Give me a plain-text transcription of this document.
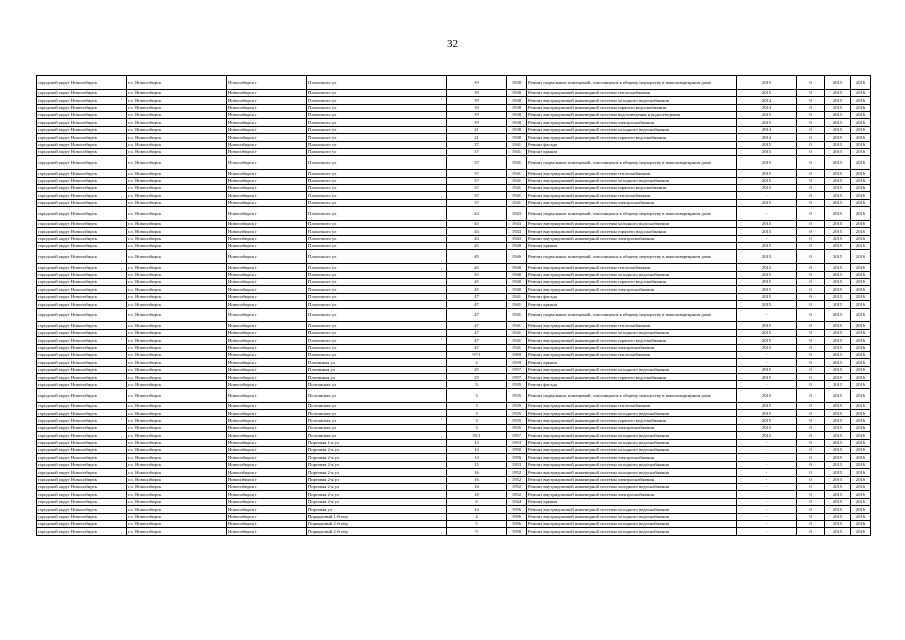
32
городской округ Новосибирск	г.о. Новосибирск	Новосибирск г	Плахотного ул	19	1938	Ремонт подвальных помещений, относящихся к общему имуществу в многоквартирном доме	2015	0	2015	2016
городской округ Новосибирск	г.о. Новосибирск	Новосибирск г	Плахотного ул	19	1938	Ремонт внутридомовой инженерной системы теплоснабжения	2015	0	2015	2016
городской округ Новосибирск	г.о. Новосибирск	Новосибирск г	Плахотного ул	19	1938	Ремонт внутридомовой инженерной системы холодного водоснабжения	2014	0	2015	2016
городской округ Новосибирск	г.о. Новосибирск	Новосибирск г	Плахотного ул	19	1938	Ремонт внутридомовой инженерной системы горячего водоснабжения	2014	0	2015	2016
городской округ Новосибирск	г.о. Новосибирск	Новосибирск г	Плахотного ул	19	1938	Ремонт внутридомовой инженерной системы водоотведения и водоотведения	2015	0	2015	2016
городской округ Новосибирск	г.о. Новосибирск	Новосибирск г	Плахотного ул	19	1938	Ремонт внутридомовой инженерной системы электроснабжения	2015	0	2015	2016
городской округ Новосибирск	г.о. Новосибирск	Новосибирск г	Плахотного ул	21	1938	Ремонт внутридомовой инженерной системы холодного водоснабжения	2014	0	2015	2016
городской округ Новосибирск	г.о. Новосибирск	Новосибирск г	Плахотного ул	21	1938	Ремонт внутридомовой инженерной системы горячего водоснабжения	2014	0	2015	2016
городской округ Новосибирск	г.о. Новосибирск	Новосибирск г	Плахотного ул	37	1941	Ремонт фасада	2015	0	2015	2016
городской округ Новосибирск	г.о. Новосибирск	Новосибирск г	Плахотного ул	37	1941	Ремонт крыши	2015	0	2015	2016
городской округ Новосибирск	г.о. Новосибирск	Новосибирск г	Плахотного ул	37	1941	Ремонт подвальных помещений, относящихся к общему имуществу в многоквартирном доме	2015	0	2015	2016
городской округ Новосибирск	г.о. Новосибирск	Новосибирск г	Плахотного ул	37	1941	Ремонт внутридомовой инженерной системы теплоснабжения	2015	0	2015	2016
городской округ Новосибирск	г.о. Новосибирск	Новосибирск г	Плахотного ул	37	1941	Ремонт внутридомовой инженерной системы холодного водоснабжения	2015	0	2015	2016
городской округ Новосибирск	г.о. Новосибирск	Новосибирск г	Плахотного ул	37	1941	Ремонт внутридомовой инженерной системы горячего водоснабжения	2015	0	2015	2016
городской округ Новосибирск	г.о. Новосибирск	Новосибирск г	Плахотного ул	37	1941	Ремонт внутридомовой инженерной системы теплоснабжения	-	0	2015	2016
городской округ Новосибирск	г.о. Новосибирск	Новосибирск г	Плахотного ул	37	1941	Ремонт внутридомовой инженерной системы электроснабжения	2015	0	2015	2016
городской округ Новосибирск	г.о. Новосибирск	Новосибирск г	Плахотного ул	43	1943	Ремонт подвальных помещений, относящихся к общему имуществу в многоквартирном доме	-	0	2015	2016
городской округ Новосибирск	г.о. Новосибирск	Новосибирск г	Плахотного ул	43	1943	Ремонт внутридомовой инженерной системы холодного водоснабжения	2015	0	2015	2016
городской округ Новосибирск	г.о. Новосибирск	Новосибирск г	Плахотного ул	43	1943	Ремонт внутридомовой инженерной системы горячего водоснабжения	2015	0	2015	2016
городской округ Новосибирск	г.о. Новосибирск	Новосибирск г	Плахотного ул	43	1943	Ремонт внутридомовой инженерной системы электроснабжения	-	0	2015	2016
городской округ Новосибирск	г.о. Новосибирск	Новосибирск г	Плахотного ул	45	1940	Ремонт крыши	2015	0	2015	2016
городской округ Новосибирск	г.о. Новосибирск	Новосибирск г	Плахотного ул	45	1940	Ремонт подвальных помещений, относящихся к общему имуществу в многоквартирном доме	2015	0	2015	2016
городской округ Новосибирск	г.о. Новосибирск	Новосибирск г	Плахотного ул	45	1940	Ремонт внутридомовой инженерной системы теплоснабжения	2015	0	2015	2016
городской округ Новосибирск	г.о. Новосибирск	Новосибирск г	Плахотного ул	45	1940	Ремонт внутридомовой инженерной системы холодного водоснабжения	2015	0	2015	2016
городской округ Новосибирск	г.о. Новосибирск	Новосибирск г	Плахотного ул	45	1940	Ремонт внутридомовой инженерной системы горячего водоснабжения	2015	0	2015	2016
городской округ Новосибирск	г.о. Новосибирск	Новосибирск г	Плахотного ул	45	1940	Ремонт внутридомовой инженерной системы электроснабжения	2015	0	2015	2016
городской округ Новосибирск	г.о. Новосибирск	Новосибирск г	Плахотного ул	47	1941	Ремонт фасада	2015	0	2015	2016
городской округ Новосибирск	г.о. Новосибирск	Новосибирск г	Плахотного ул	47	1941	Ремонт крыши	2015	0	2015	2016
городской округ Новосибирск	г.о. Новосибирск	Новосибирск г	Плахотного ул	47	1941	Ремонт подвальных помещений, относящихся к общему имуществу в многоквартирном доме	-	0	2015	2016
городской округ Новосибирск	г.о. Новосибирск	Новосибирск г	Плахотного ул	47	1941	Ремонт внутридомовой инженерной системы теплоснабжения	2015	0	2015	2016
городской округ Новосибирск	г.о. Новосибирск	Новосибирск г	Плахотного ул	47	1941	Ремонт внутридомовой инженерной системы холодного водоснабжения	2015	0	2015	2016
городской округ Новосибирск	г.о. Новосибирск	Новосибирск г	Плахотного ул	47	1941	Ремонт внутридомовой инженерной системы горячего водоснабжения	2015	0	2015	2016
городской округ Новосибирск	г.о. Новосибирск	Новосибирск г	Плахотного ул	47	1941	Ремонт внутридомовой инженерной системы электроснабжения	2015	0	2015	2016
городской округ Новосибирск	г.о. Новосибирск	Новосибирск г	Плахотного ул	97/1	1969	Ремонт внутридомовой инженерной системы теплоснабжения	-	0	2015	2016
городской округ Новосибирск	г.о. Новосибирск	Новосибирск г	Плотинная ул	2	1959	Ремонт крыши	-	0	2015	2016
городской округ Новосибирск	г.о. Новосибирск	Новосибирск г	Плотинная ул	25	1957	Ремонт внутридомовой инженерной системы холодного водоснабжения	2015	0	2015	2016
городской округ Новосибирск	г.о. Новосибирск	Новосибирск г	Плотинная ул	25	1957	Ремонт внутридомовой инженерной системы горячего водоснабжения	2015	0	2015	2016
городской округ Новосибирск	г.о. Новосибирск	Новосибирск г	Полтавская ул	3	1935	Ремонт фасада	-	0	2015	2016
городской округ Новосибирск	г.о. Новосибирск	Новосибирск г	Полтавская ул	3	1935	Ремонт подвальных помещений, относящихся к общему имуществу в многоквартирном доме	2015	0	2015	2016
городской округ Новосибирск	г.о. Новосибирск	Новосибирск г	Полтавская ул	3	1935	Ремонт внутридомовой инженерной системы теплоснабжения	2015	0	2015	2016
городской округ Новосибирск	г.о. Новосибирск	Новосибирск г	Полтавская ул	3	1935	Ремонт внутридомовой инженерной системы холодного водоснабжения	2015	0	2015	2016
городской округ Новосибирск	г.о. Новосибирск	Новосибирск г	Полтавская ул	3	1935	Ремонт внутридомовой инженерной системы горячего водоснабжения	2015	0	2015	2016
городской округ Новосибирск	г.о. Новосибирск	Новосибирск г	Полтавская ул	3	1935	Ремонт внутридомовой инженерной системы электроснабжения	2015	0	2015	2016
городской округ Новосибирск	г.о. Новосибирск	Новосибирск г	Полтавская ул	35/1	1957	Ремонт внутридомовой инженерной системы холодного водоснабжения	2015	0	2015	2016
городской округ Новосибирск	г.о. Новосибирск	Новосибирск г	Портовая 1-я ул	14	1953	Ремонт внутридомовой инженерной системы холодного водоснабжения	-	0	2015	2016
городской округ Новосибирск	г.о. Новосибирск	Новосибирск г	Портовая 2-я ул	14	1950	Ремонт внутридомовой инженерной системы холодного водоснабжения	-	0	2015	2016
городской округ Новосибирск	г.о. Новосибирск	Новосибирск г	Портовая 2-я ул	14	1950	Ремонт внутридомовой инженерной системы электроснабжения	-	0	2015	2016
городской округ Новосибирск	г.о. Новосибирск	Новосибирск г	Портовая 2-я ул	15	1953	Ремонт внутридомовой инженерной системы холодного водоснабжения	-	0	2015	2016
городской округ Новосибирск	г.о. Новосибирск	Новосибирск г	Портовая 2-я ул	16	1952	Ремонт внутридомовой инженерной системы холодного водоснабжения	-	0	2015	2016
городской округ Новосибирск	г.о. Новосибирск	Новосибирск г	Портовая 2-я ул	16	1952	Ремонт внутридомовой инженерной системы электроснабжения	-	0	2015	2016
городской округ Новосибирск	г.о. Новосибирск	Новосибирск г	Портовая 2-я ул	18	1952	Ремонт внутридомовой инженерной системы холодного водоснабжения	-	0	2015	2016
городской округ Новосибирск	г.о. Новосибирск	Новосибирск г	Портовая 2-я ул	18	1952	Ремонт внутридомовой инженерной системы электроснабжения	-	0	2015	2016
городской округ Новосибирск	г.о. Новосибирск	Новосибирск г	Портовая 2-я ул	6	1944	Ремонт крыши	-	0	2015	2016
городской округ Новосибирск	г.о. Новосибирск	Новосибирск г	Портовая ул	14	1956	Ремонт внутридомовой инженерной системы холодного водоснабжения	-	0	2015	2016
городской округ Новосибирск	г.о. Новосибирск	Новосибирск г	Порядковый 1-й пер	4	1956	Ремонт внутридомовой инженерной системы холодного водоснабжения	-	0	2015	2016
городской округ Новосибирск	г.о. Новосибирск	Новосибирск г	Порядковый 2-й пер	5	1956	Ремонт внутридомовой инженерной системы холодного водоснабжения	-	0	2015	2016
городской округ Новосибирск	г.о. Новосибирск	Новосибирск г	Порядковый 2-й пер	9	1956	Ремонт внутридомовой инженерной системы холодного водоснабжения	-	0	2015	2016
